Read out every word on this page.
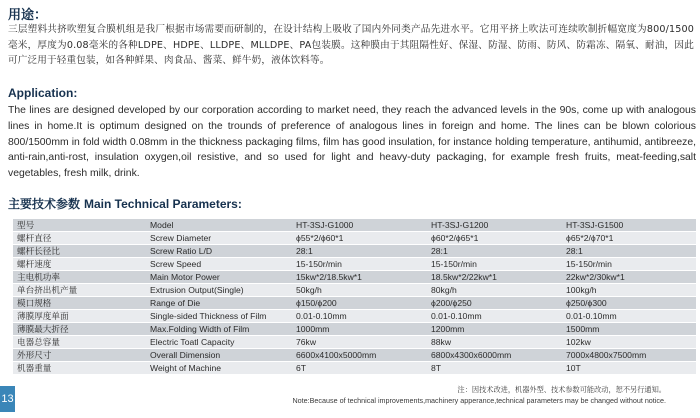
用途：
三层塑料共挤吹塑复合膜机组是我厂根据市场需要而研制的，在设计结构上吸收了国内外同类产品先进水平。它用平挤上吹法可连续吹制折幅宽度为800/1500毫米，厚度为0.08毫米的各种LDPE、HDPE、LLDPE、MLLDPE、PA包装膜。这种膜由于其阻隔性好、保湿、防湿、防雨、防风、防霜冻、隔氧、耐油，因此可广泛用于轻重包装，如各种鲜果、肉食品、酱菜、鲜牛奶，液体饮料等。
Application:
The lines are designed developed by our corporation according to market need, they reach the advanced levels in the 90s, come up with analogous lines in home.It is optimum designed on the trounds of preference of analogous lines in foreign and home. The lines can be blown colorious 800/1500mm in fold width 0.08mm in the thickness packaging films, film has good insulation, for instance holding temperature, antihumid, antibreeze, anti-rain,anti-rost, insulation oxygen,oil resistive, and so used for light and heavy-duty packaging, for example fresh fruits, meat-feeding,salt vegetables, fresh milk, drink.
主要技术参数 Main Technical Parameters:
型号	Model	HT-3SJ-G1000	HT-3SJ-G1200	HT-3SJ-G1500
螺杆直径	Screw Diameter	ϕ55*2/ϕ60*1	ϕ60*2/ϕ65*1	ϕ65*2/ϕ70*1
螺杆长径比	Screw Ratio L/D	28:1	28:1	28:1
螺杆速度	Screw Speed	15-150r/min	15-150r/min	15-150r/min
主电机功率	Main Motor Power	15kw*2/18.5kw*1	18.5kw*2/22kw*1	22kw*2/30kw*1
单台挤出机产量	Extrusion Output(Single)	50kg/h	80kg/h	100kg/h
模口规格	Range of Die	ϕ150/ϕ200	ϕ200/ϕ250	ϕ250/ϕ300
薄膜厚度单面	Single-sided Thickness of Film	0.01-0.10mm	0.01-0.10mm	0.01-0.10mm
薄膜最大折径	Max.Folding Width of Film	1000mm	1200mm	1500mm
电器总容量	Electric Toatl Capacity	76kw	88kw	102kw
外形尺寸	Overall Dimension	6600x4100x5000mm	6800x4300x6000mm	7000x4800x7500mm
机器重量	Weight of Machine	6T	8T	10T
13
注：因技术改进，机器外型、技术参数可能改动，恕不另行通知。
Note:Because of technical improvements,machinery apperance,technical parameters may be changed without notice.
